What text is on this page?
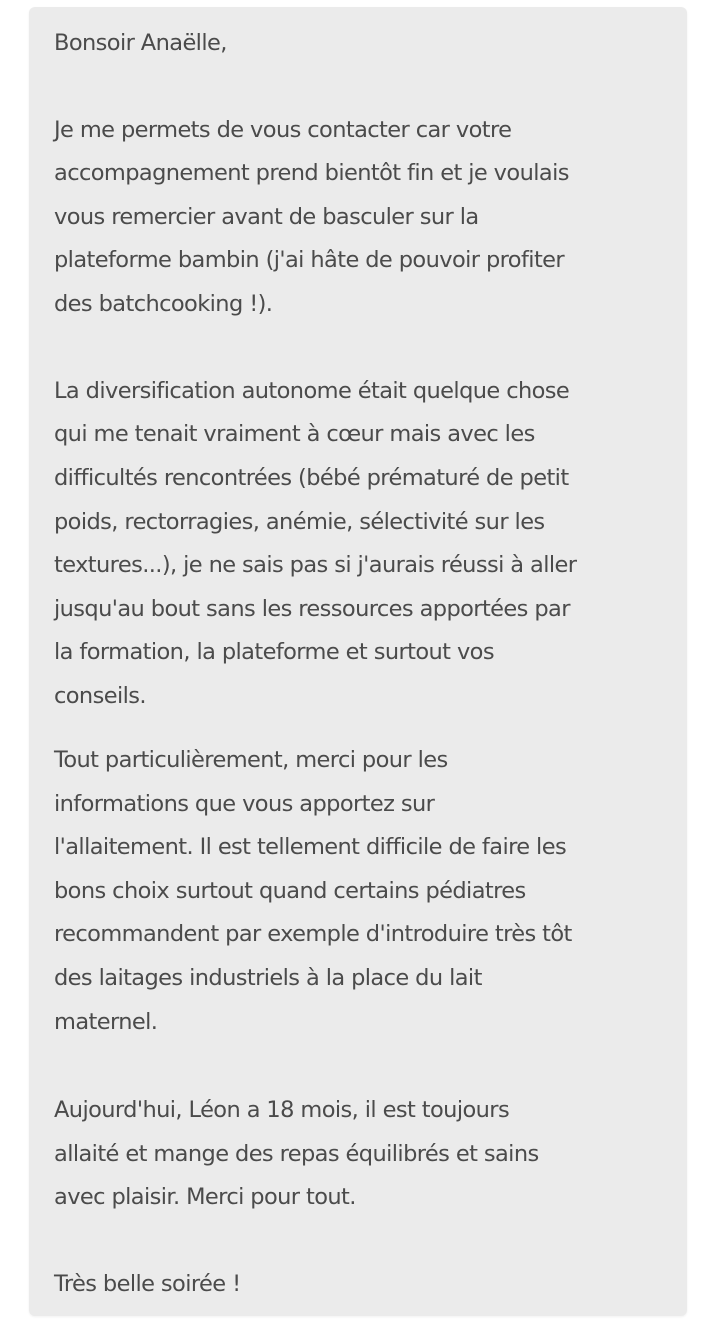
Bonsoir Anaëlle,
Je me permets de vous contacter car votre
accompagnement prend bientôt fin et je voulais
vous remercier avant de basculer sur la
plateforme bambin (j'ai hâte de pouvoir profiter
des batchcooking !).
La diversification autonome était quelque chose
qui me tenait vraiment à cœur mais avec les
difficultés rencontrées (bébé prématuré de petit
poids, rectorragies, anémie, sélectivité sur les
textures...), je ne sais pas si j'aurais réussi à aller
jusqu'au bout sans les ressources apportées par
la formation, la plateforme et surtout vos
conseils.
Tout particulièrement, merci pour les
informations que vous apportez sur
l'allaitement. Il est tellement difficile de faire les
bons choix surtout quand certains pédiatres
recommandent par exemple d'introduire très tôt
des laitages industriels à la place du lait
maternel.
Aujourd'hui, Léon a 18 mois, il est toujours
allaité et mange des repas équilibrés et sains
avec plaisir. Merci pour tout.
Très belle soirée !
